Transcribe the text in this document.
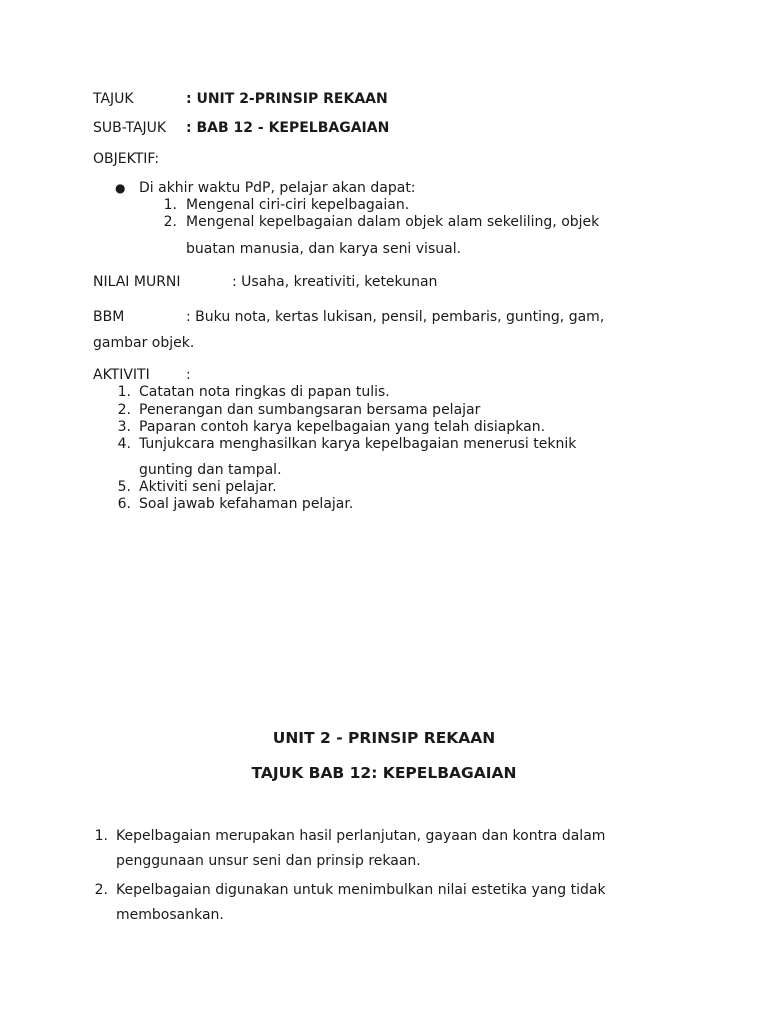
TAJUK	: UNIT 2-PRINSIP REKAAN
SUB-TAJUK : BAB 12 - KEPELBAGAIAN
OBJEKTIF:
● Di akhir waktu PdP, pelajar akan dapat:
1. Mengenal ciri-ciri kepelbagaian.
2. Mengenal kepelbagaian dalam objek alam sekeliling, objek
buatan manusia, dan karya seni visual.
NILAI MURNI	: Usaha, kreativiti, ketekunan
BBM	: Buku nota, kertas lukisan, pensil, pembaris, gunting, gam,
gambar objek.
AKTIVITI	:
1. Catatan nota ringkas di papan tulis.
2. Penerangan dan sumbangsaran bersama pelajar
3. Paparan contoh karya kepelbagaian yang telah disiapkan.
4. Tunjukcara menghasilkan karya kepelbagaian menerusi teknik
gunting dan tampal.
5. Aktiviti seni pelajar.
6. Soal jawab kefahaman pelajar.
UNIT 2 - PRINSIP REKAAN
TAJUK BAB 12: KEPELBAGAIAN
1. Kepelbagaian merupakan hasil perlanjutan, gayaan dan kontra dalam
penggunaan unsur seni dan prinsip rekaan.
2. Kepelbagaian digunakan untuk menimbulkan nilai estetika yang tidak
membosankan.
